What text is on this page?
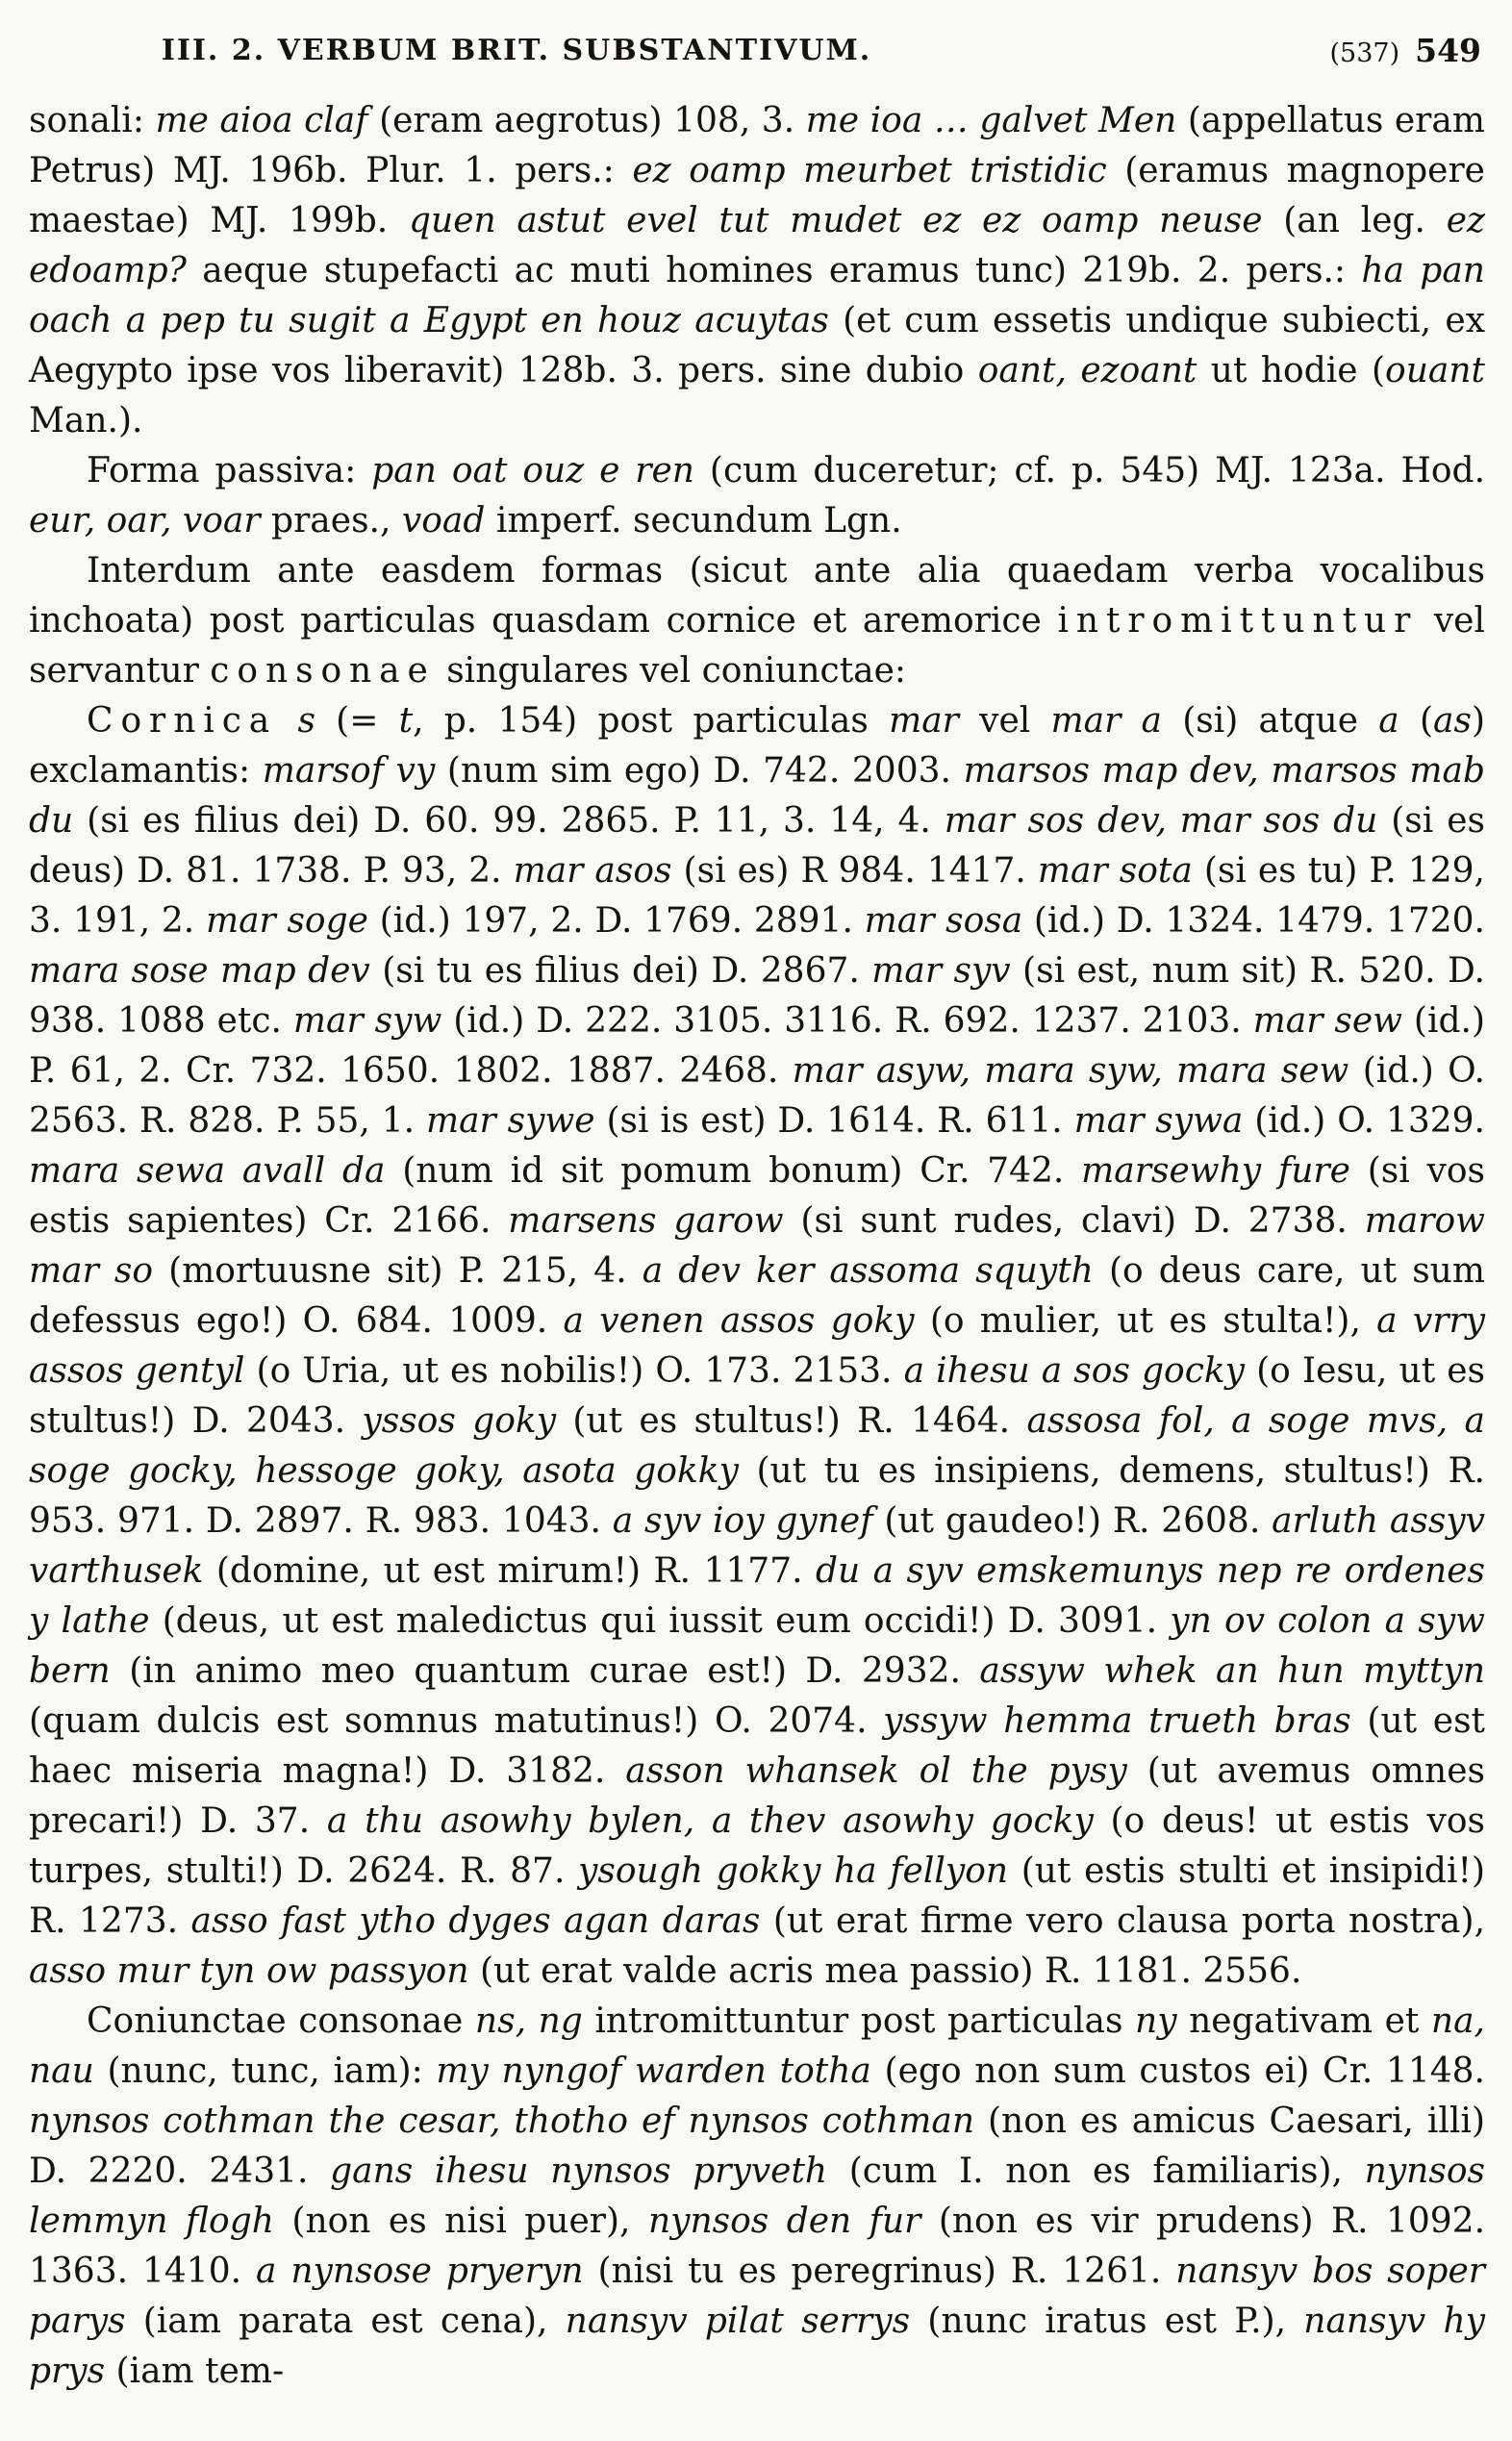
III. 2. VERBUM BRIT. SUBSTANTIVUM.	(537) 549

sonali: me aioa claf (eram aegrotus) 108, 3. me ioa … galvet Men (appellatus eram Petrus) MJ. 196b. Plur. 1. pers.: ez oamp meurbet tristidic (eramus magnopere maestae) MJ. 199b. quen astut evel tut mudet ez ez oamp neuse (an leg. ez edoamp? aeque stupefacti ac muti homines eramus tunc) 219b. 2. pers.: ha pan oach a pep tu sugit a Egypt en houz acuytas (et cum essetis undique subiecti, ex Aegypto ipse vos liberavit) 128b. 3. pers. sine dubio oant, ezoant ut hodie (ouant Man.).

Forma passiva: pan oat ouz e ren (cum duceretur; cf. p. 545) MJ. 123a. Hod. eur, oar, voar praes., voad imperf. secundum Lgn.

Interdum ante easdem formas (sicut ante alia quaedam verba vocalibus inchoata) post particulas quasdam cornice et aremorice intromittuntur vel servantur consonae singulares vel coniunctae:

Cornica s (= t, p. 154) post particulas mar vel mar a (si) atque a (as) exclamantis: marsof vy (num sim ego) D. 742. 2003. marsos map dev, marsos mab du (si es filius dei) D. 60. 99. 2865. P. 11, 3. 14, 4. mar sos dev, mar sos du (si es deus) D. 81. 1738. P. 93, 2. mar asos (si es) R 984. 1417. mar sota (si es tu) P. 129, 3. 191, 2. mar soge (id.) 197, 2. D. 1769. 2891. mar sosa (id.) D. 1324. 1479. 1720. mara sose map dev (si tu es filius dei) D. 2867. mar syv (si est, num sit) R. 520. D. 938. 1088 etc. mar syw (id.) D. 222. 3105. 3116. R. 692. 1237. 2103. mar sew (id.) P. 61, 2. Cr. 732. 1650. 1802. 1887. 2468. mar asyw, mara syw, mara sew (id.) O. 2563. R. 828. P. 55, 1. mar sywe (si is est) D. 1614. R. 611. mar sywa (id.) O. 1329. mara sewa avall da (num id sit pomum bonum) Cr. 742. marsewhy fure (si vos estis sapientes) Cr. 2166. marsens garow (si sunt rudes, clavi) D. 2738. marow mar so (mortuusne sit) P. 215, 4. a dev ker assoma squyth (o deus care, ut sum defessus ego!) O. 684. 1009. a venen assos goky (o mulier, ut es stulta!), a vrry assos gentyl (o Uria, ut es nobilis!) O. 173. 2153. a ihesu a sos gocky (o Iesu, ut es stultus!) D. 2043. yssos goky (ut es stultus!) R. 1464. assosa fol, a soge mvs, a soge gocky, hessoge goky, asota gokky (ut tu es insipiens, demens, stultus!) R. 953. 971. D. 2897. R. 983. 1043. a syv ioy gynef (ut gaudeo!) R. 2608. arluth assyv varthusek (domine, ut est mirum!) R. 1177. du a syv emskemunys nep re ordenes y lathe (deus, ut est maledictus qui iussit eum occidi!) D. 3091. yn ov colon a syw bern (in animo meo quantum curae est!) D. 2932. assyw whek an hun myttyn (quam dulcis est somnus matutinus!) O. 2074. yssyw hemma trueth bras (ut est haec miseria magna!) D. 3182. asson whansek ol the pysy (ut avemus omnes precari!) D. 37. a thu asowhy bylen, a thev asowhy gocky (o deus! ut estis vos turpes, stulti!) D. 2624. R. 87. ysough gokky ha fellyon (ut estis stulti et insipidi!) R. 1273. asso fast ytho dyges agan daras (ut erat firme vero clausa porta nostra), asso mur tyn ow passyon (ut erat valde acris mea passio) R. 1181. 2556.

Coniunctae consonae ns, ng intromittuntur post particulas ny negativam et na, nau (nunc, tunc, iam): my nyngof warden totha (ego non sum custos ei) Cr. 1148. nynsos cothman the cesar, thotho ef nynsos cothman (non es amicus Caesari, illi) D. 2220. 2431. gans ihesu nynsos pryveth (cum I. non es familiaris), nynsos lemmyn flogh (non es nisi puer), nynsos den fur (non es vir prudens) R. 1092. 1363. 1410. a nynsose pryeryn (nisi tu es peregrinus) R. 1261. nansyv bos soper parys (iam parata est cena), nansyv pilat serrys (nunc iratus est P.), nansyv hy prys (iam tem-
